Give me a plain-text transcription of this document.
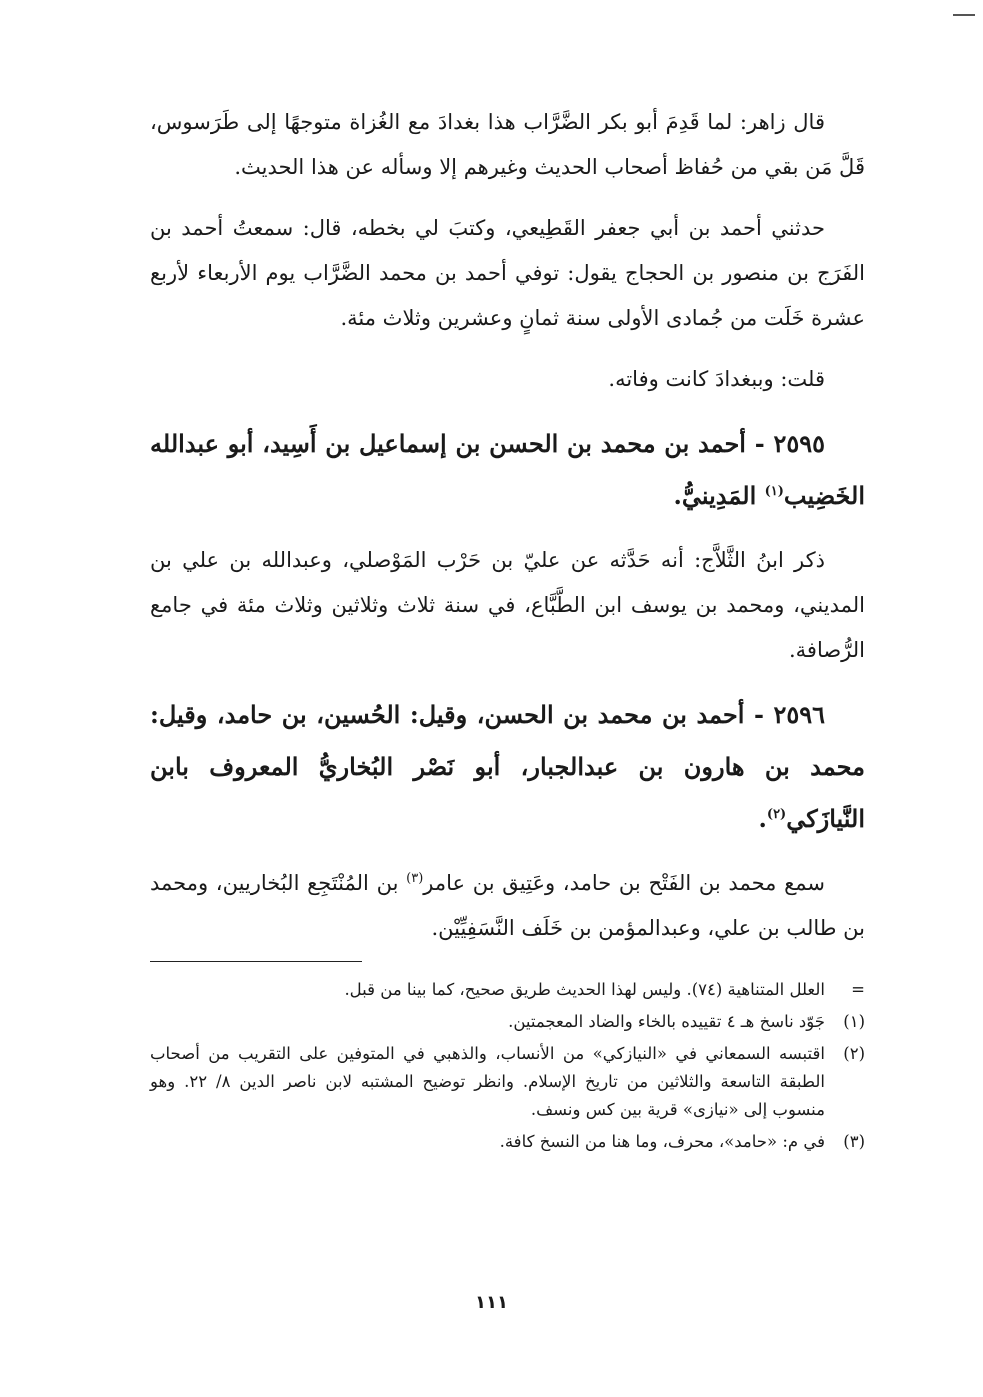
قال زاهر: لما قَدِمَ أبو بكر الضَّرَّاب هذا بغدادَ مع الغُزاة متوجهًا إلى طَرَسوس، قَلَّ مَن بقي من حُفاظ أصحاب الحديث وغيرهم إلا وسأله عن هذا الحديث.

حدثني أحمد بن أبي جعفر القَطِيعي، وكتبَ لي بخطه، قال: سمعتُ أحمد بن الفَرَج بن منصور بن الحجاج يقول: توفي أحمد بن محمد الضَّرَّاب يوم الأربعاء لأربع عشرة خَلَت من جُمادى الأولى سنة ثمانٍ وعشرين وثلاث مئة.

قلت: وببغدادَ كانت وفاته.

٢٥٩٥ - أحمد بن محمد بن الحسن بن إسماعيل بن أَسِيد، أبو عبدالله الخَضِيب$^{(١)}$ المَدِينيُّ.

ذكر ابنُ الثَّلاَّج: أنه حَدَّثه عن عليّ بن حَرْب المَوْصلي، وعبدالله بن علي بن المديني، ومحمد بن يوسف ابن الطَّبَّاع، في سنة ثلاث وثلاثين وثلاث مئة في جامع الرُّصافة.

٢٥٩٦ - أحمد بن محمد بن الحسن، وقيل: الحُسين، بن حامد، وقيل: محمد بن هارون بن عبدالجبار، أبو نَصْر البُخاريُّ المعروف بابن النَّيازَكي$^{(٢)}$.

سمع محمد بن الفَتْح بن حامد، وعَتِيق بن عامر$^{(٣)}$ بن المُنْتَجِع البُخاريين، ومحمد بن طالب بن علي، وعبدالمؤمن بن خَلَف النَّسَفِيِّيْن.

=
العلل المتناهية (٧٤). وليس لهذا الحديث طريق صحيح، كما بينا من قبل.
(١)
جَوّد ناسخ هـ ٤ تقييده بالخاء والضاد المعجمتين.
(٢)
اقتبسه السمعاني في «النيازكي» من الأنساب، والذهبي في المتوفين على التقريب من أصحاب الطبقة التاسعة والثلاثين من تاريخ الإسلام. وانظر توضيح المشتبه لابن ناصر الدين ٨/ ٢٢. وهو منسوب إلى «نيازى» قرية بين كس ونسف.
(٣)
في م: «حامد»، محرف، وما هنا من النسخ كافة.
١١١
